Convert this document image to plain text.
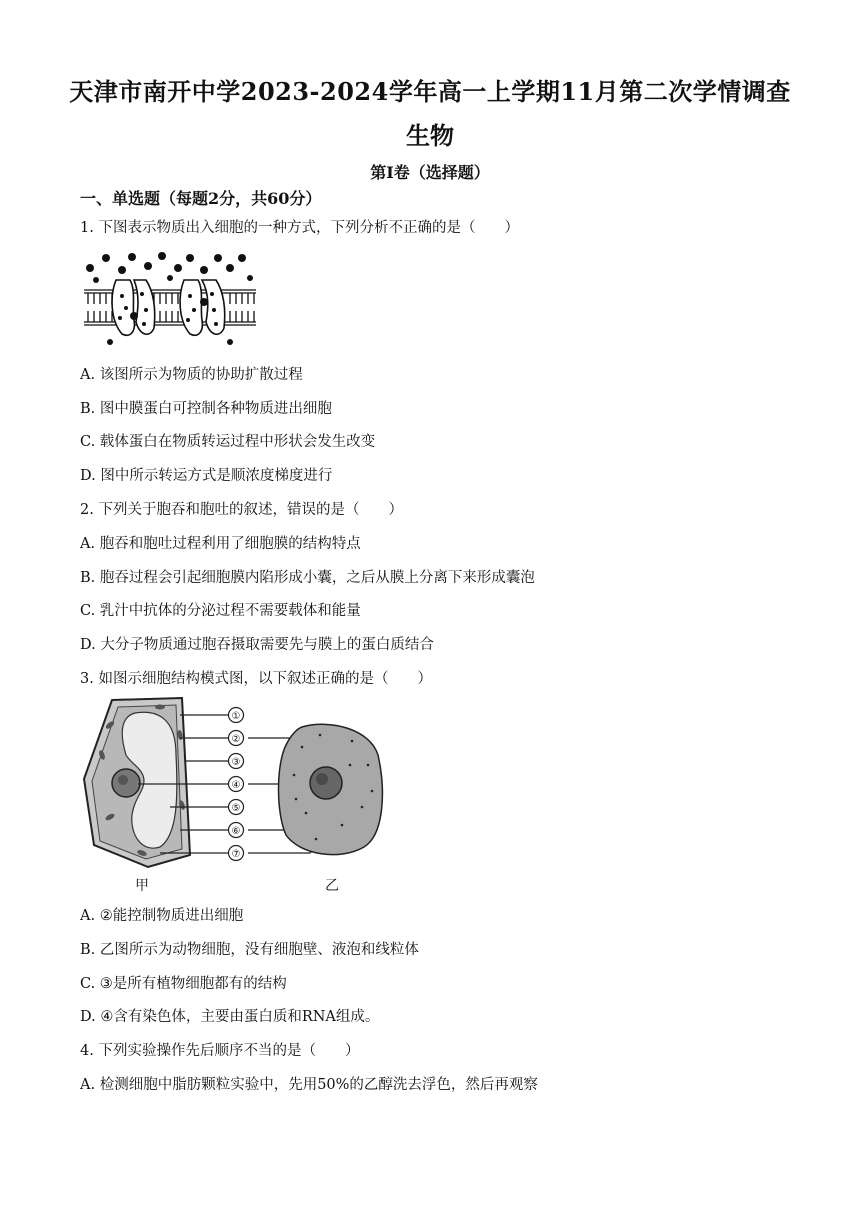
天津市南开中学2023-2024学年高一上学期11月第二次学情调查
生物
第Ⅰ卷（选择题）
一、单选题（每题2分，共60分）
1. 下图表示物质出入细胞的一种方式，下列分析不正确的是（　　）
A. 该图所示为物质的协助扩散过程
B. 图中膜蛋白可控制各种物质进出细胞
C. 载体蛋白在物质转运过程中形状会发生改变
D. 图中所示转运方式是顺浓度梯度进行
2. 下列关于胞吞和胞吐的叙述，错误的是（　　）
A. 胞吞和胞吐过程利用了细胞膜的结构特点
B. 胞吞过程会引起细胞膜内陷形成小囊，之后从膜上分离下来形成囊泡
C. 乳汁中抗体的分泌过程不需要载体和能量
D. 大分子物质通过胞吞摄取需要先与膜上的蛋白质结合
3. 如图示细胞结构模式图，以下叙述正确的是（　　）
①
②
③
④
⑤
⑥
⑦
甲	乙
A. ②能控制物质进出细胞
B. 乙图所示为动物细胞，没有细胞壁、液泡和线粒体
C. ③是所有植物细胞都有的结构
D. ④含有染色体，主要由蛋白质和RNA组成。
4. 下列实验操作先后顺序不当的是（　　）
A. 检测细胞中脂肪颗粒实验中，先用50%的乙醇洗去浮色，然后再观察
